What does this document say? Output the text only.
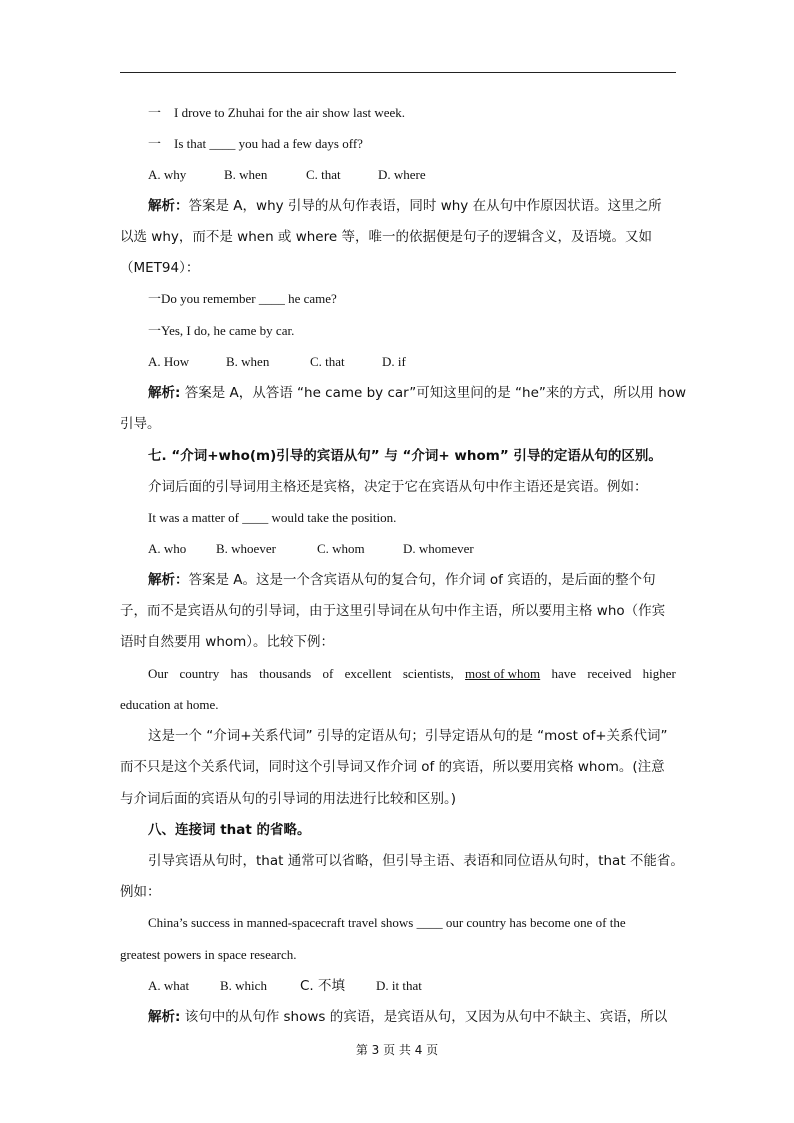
一　I drove to Zhuhai for the air show last week.
一　Is that ____ you had a few days off?
A. why	B. when	C. that	D. where
解析：答案是 A，why 引导的从句作表语，同时 why 在从句中作原因状语。这里之所
以选 why，而不是 when 或 where 等，唯一的依据便是句子的逻辑含义，及语境。又如
（MET94）：
一Do you remember ____ he came?
一Yes, I do, he came by car.
A. How	B. when	C. that	D. if
解析: 答案是 A，从答语 “he came by car”可知这里问的是 “he”来的方式，所以用 how
引导。
七. “介词+who(m)引导的宾语从句” 与 “介词+ whom” 引导的定语从句的区别。
介词后面的引导词用主格还是宾格，决定于它在宾语从句中作主语还是宾语。例如：
It was a matter of ____ would take the position.
A. who B. whoever	C. whom	D. whomever
解析：答案是 A。这是一个含宾语从句的复合句，作介词 of 宾语的，是后面的整个句
子，而不是宾语从句的引导词，由于这里引导词在从句中作主语，所以要用主格 who（作宾
语时自然要用 whom）。比较下例：
Our country has thousands of excellent scientists, most of whom have received higher
education at home.
这是一个 “介词+关系代词” 引导的定语从句；引导定语从句的是 “most of+关系代词”
而不只是这个关系代词，同时这个引导词又作介词 of 的宾语，所以要用宾格 whom。(注意
与介词后面的宾语从句的引导词的用法进行比较和区别。)
八、连接词 that 的省略。
引导宾语从句时，that 通常可以省略，但引导主语、表语和同位语从句时，that 不能省。
例如：
China’s success in manned-spacecraft travel shows ____ our country has become one of the
greatest powers in space research.
A. what B. which C. 不填 D. it that
解析: 该句中的从句作 shows 的宾语，是宾语从句，又因为从句中不缺主、宾语，所以
第 3 页 共 4 页
